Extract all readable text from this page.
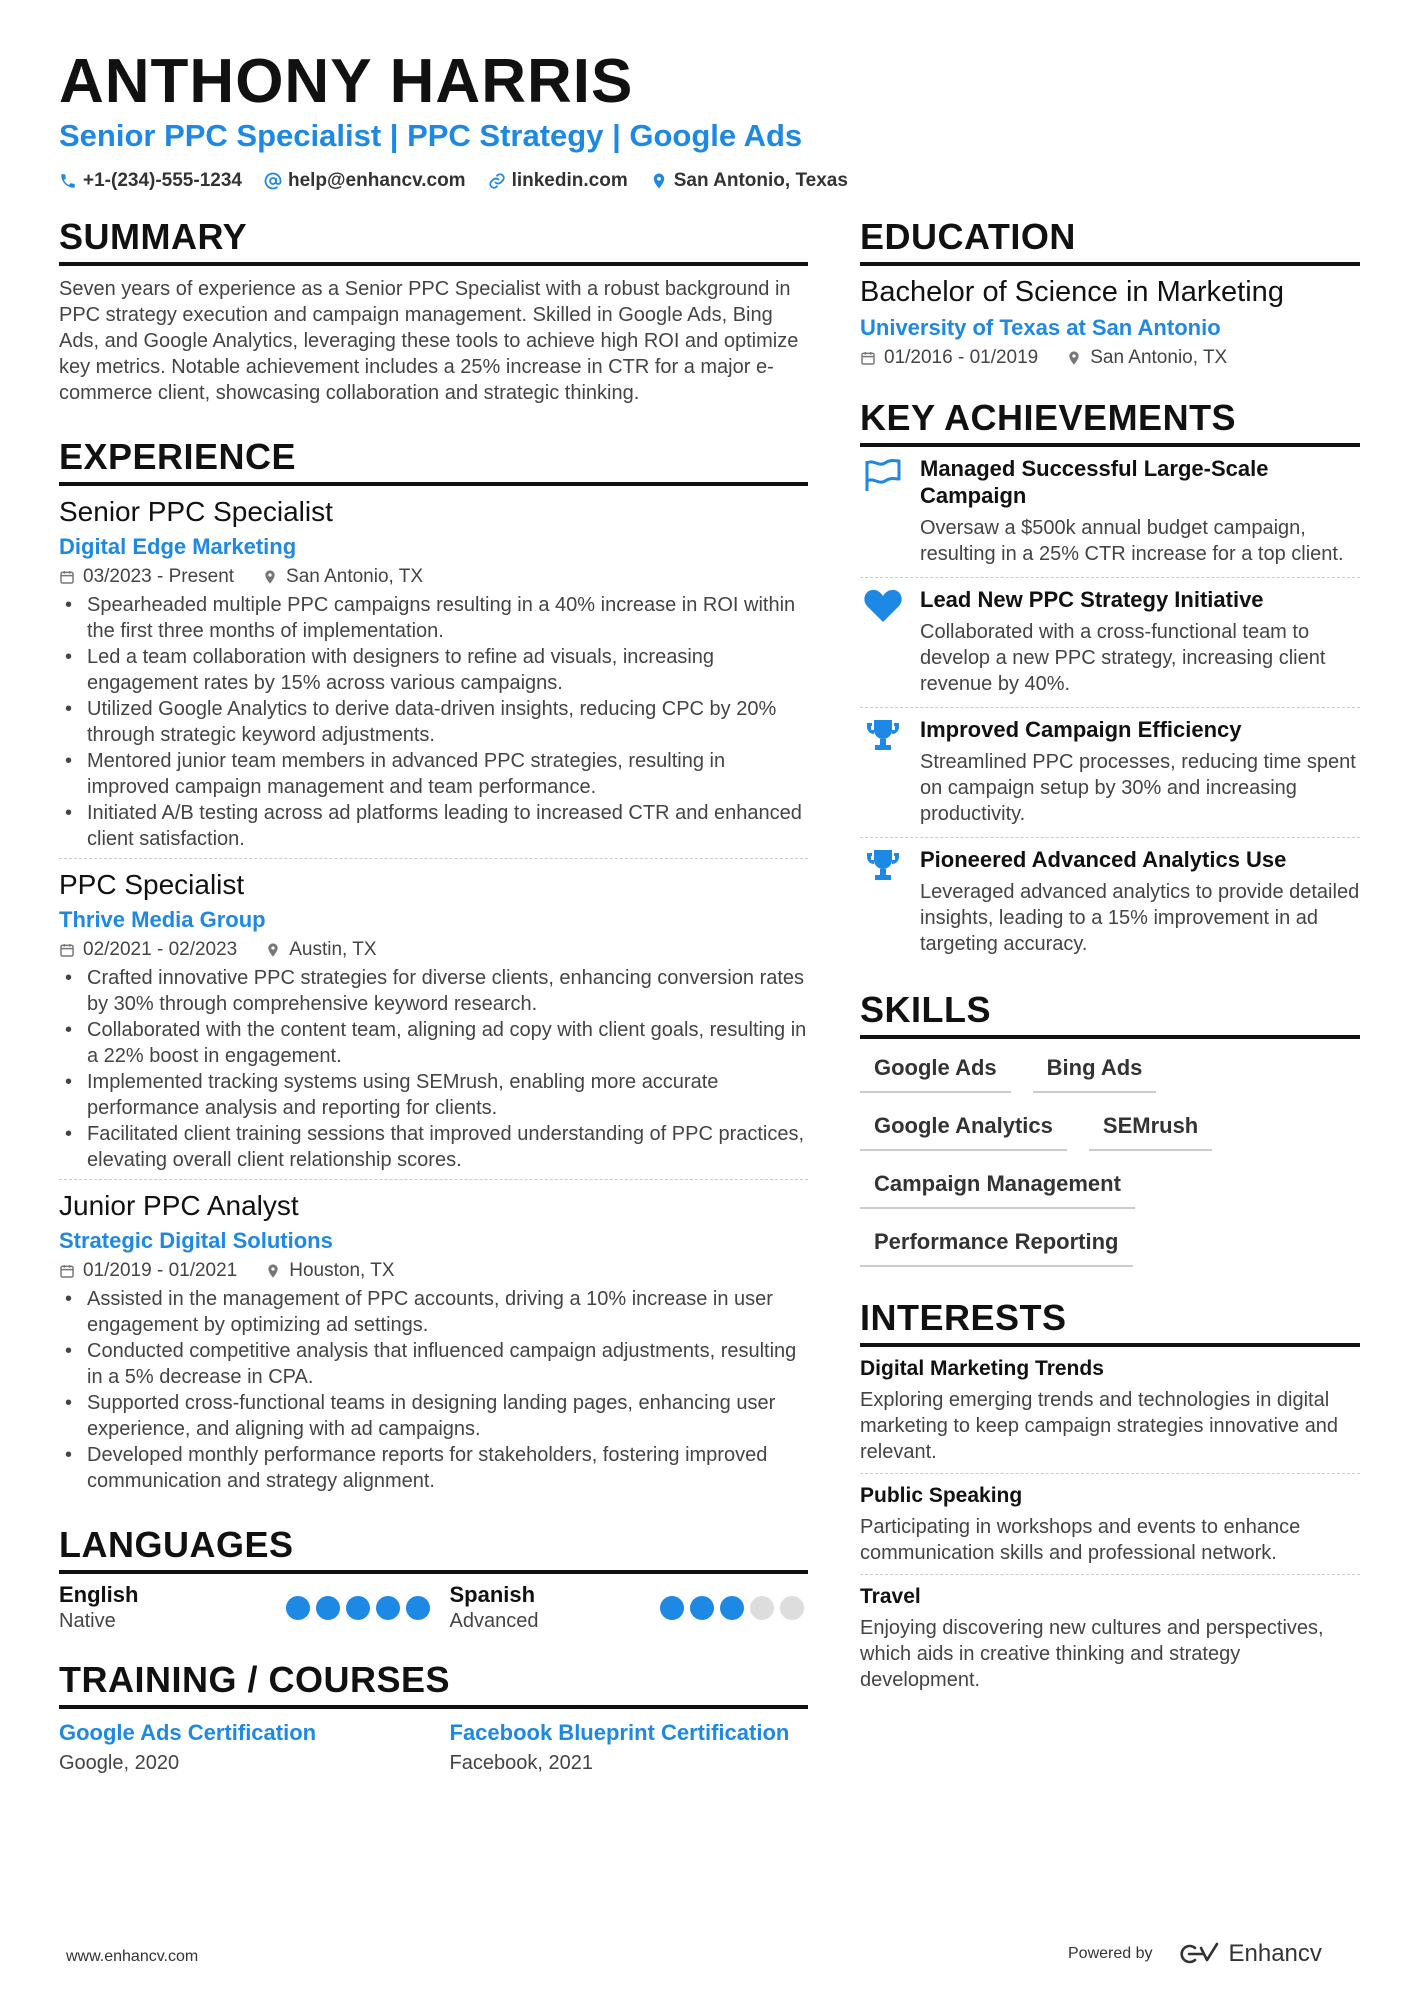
ANTHONY HARRIS
Senior PPC Specialist | PPC Strategy | Google Ads
+1-(234)-555-1234 help@enhancv.com linkedin.com San Antonio, Texas
SUMMARY

Seven years of experience as a Senior PPC Specialist with a robust background in PPC strategy execution and campaign management. Skilled in Google Ads, Bing Ads, and Google Analytics, leveraging these tools to achieve high ROI and optimize key metrics. Notable achievement includes a 25% increase in CTR for a major e-commerce client, showcasing collaboration and strategic thinking.

EXPERIENCE
Senior PPC Specialist
Digital Edge Marketing
03/2023 - Present	San Antonio, TX
• Spearheaded multiple PPC campaigns resulting in a 40% increase in ROI within the first three months of implementation.
• Led a team collaboration with designers to refine ad visuals, increasing engagement rates by 15% across various campaigns.
• Utilized Google Analytics to derive data-driven insights, reducing CPC by 20% through strategic keyword adjustments.
• Mentored junior team members in advanced PPC strategies, resulting in improved campaign management and team performance.
• Initiated A/B testing across ad platforms leading to increased CTR and enhanced client satisfaction.
PPC Specialist
Thrive Media Group
02/2021 - 02/2023	Austin, TX
• Crafted innovative PPC strategies for diverse clients, enhancing conversion rates by 30% through comprehensive keyword research.
• Collaborated with the content team, aligning ad copy with client goals, resulting in a 22% boost in engagement.
• Implemented tracking systems using SEMrush, enabling more accurate performance analysis and reporting for clients.
• Facilitated client training sessions that improved understanding of PPC practices, elevating overall client relationship scores.
Junior PPC Analyst
Strategic Digital Solutions
01/2019 - 01/2021	Houston, TX
• Assisted in the management of PPC accounts, driving a 10% increase in user engagement by optimizing ad settings.
• Conducted competitive analysis that influenced campaign adjustments, resulting in a 5% decrease in CPA.
• Supported cross-functional teams in designing landing pages, enhancing user experience, and aligning with ad campaigns.
• Developed monthly performance reports for stakeholders, fostering improved communication and strategy alignment.
LANGUAGES
English
Native
Spanish
Advanced
TRAINING / COURSES
Google Ads Certification
Google, 2020
Facebook Blueprint Certification
Facebook, 2021
EDUCATION
Bachelor of Science in Marketing
University of Texas at San Antonio
01/2016 - 01/2019	San Antonio, TX
KEY ACHIEVEMENTS
Managed Successful Large-Scale Campaign
Oversaw a $500k annual budget campaign, resulting in a 25% CTR increase for a top client.
Lead New PPC Strategy Initiative
Collaborated with a cross-functional team to develop a new PPC strategy, increasing client revenue by 40%.
Improved Campaign Efficiency
Streamlined PPC processes, reducing time spent on campaign setup by 30% and increasing productivity.
Pioneered Advanced Analytics Use
Leveraged advanced analytics to provide detailed insights, leading to a 15% improvement in ad targeting accuracy.
SKILLS
Google Ads	Bing Ads
Google Analytics	SEMrush
Campaign Management
Performance Reporting
INTERESTS
Digital Marketing Trends
Exploring emerging trends and technologies in digital marketing to keep campaign strategies innovative and relevant.
Public Speaking
Participating in workshops and events to enhance communication skills and professional network.
Travel
Enjoying discovering new cultures and perspectives, which aids in creative thinking and strategy development.
www.enhancv.com	Powered by	Enhancv
